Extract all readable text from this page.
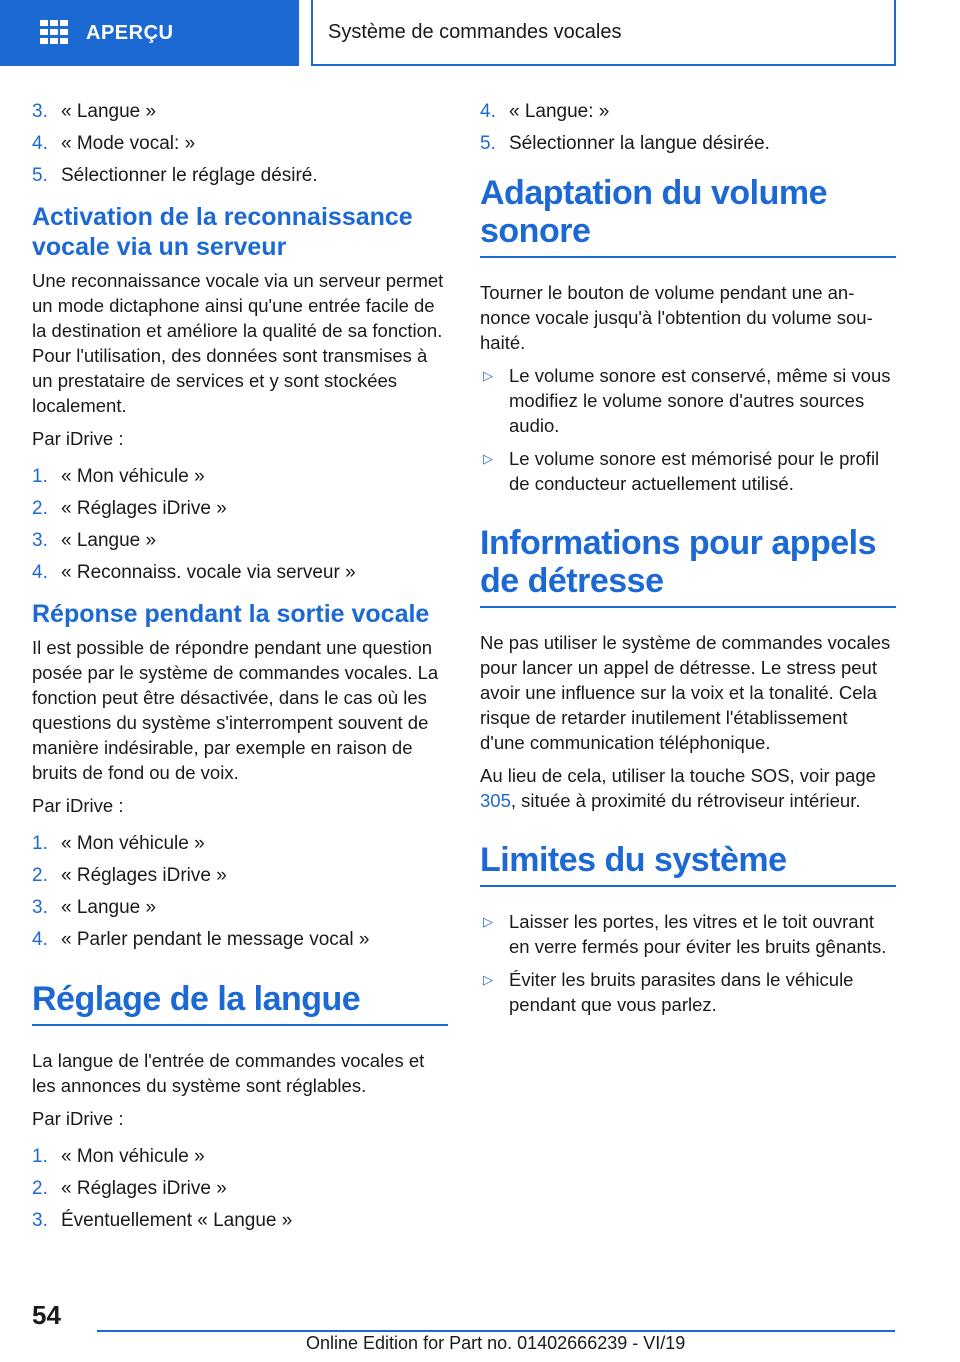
APERÇU	Système de commandes vocales
3. « Langue »
4. « Mode vocal: »
5. Sélectionner le réglage désiré.
Activation de la reconnaissance vocale via un serveur

Une reconnaissance vocale via un serveur permet un mode dictaphone ainsi qu'une entrée facile de la destination et améliore la qualité de sa fonction. Pour l'utilisation, des données sont transmises à un prestataire de services et y sont stockées localement.

Par iDrive :

1. « Mon véhicule »
2. « Réglages iDrive »
3. « Langue »
4. « Reconnaiss. vocale via serveur »
Réponse pendant la sortie vocale

Il est possible de répondre pendant une question posée par le système de commandes vocales. La fonction peut être désactivée, dans le cas où les questions du système s'interrompent souvent de manière indésirable, par exemple en raison de bruits de fond ou de voix.

Par iDrive :

1. « Mon véhicule »
2. « Réglages iDrive »
3. « Langue »
4. « Parler pendant le message vocal »
Réglage de la langue

La langue de l'entrée de commandes vocales et les annonces du système sont réglables.

Par iDrive :

1. « Mon véhicule »
2. « Réglages iDrive »
3. Éventuellement « Langue »
4. « Langue: »
5. Sélectionner la langue désirée.
Adaptation du volume sonore

Tourner le bouton de volume pendant une annonce vocale jusqu'à l'obtention du volume souhaité.

▷ Le volume sonore est conservé, même si vous modifiez le volume sonore d'autres sources audio.
▷ Le volume sonore est mémorisé pour le profil de conducteur actuellement utilisé.
Informations pour appels de détresse

Ne pas utiliser le système de commandes vocales pour lancer un appel de détresse. Le stress peut avoir une influence sur la voix et la tonalité. Cela risque de retarder inutilement l'établissement d'une communication téléphonique.

Au lieu de cela, utiliser la touche SOS, voir page 305, située à proximité du rétroviseur intérieur.

Limites du système
▷ Laisser les portes, les vitres et le toit ouvrant en verre fermés pour éviter les bruits gênants.
▷ Éviter les bruits parasites dans le véhicule pendant que vous parlez.
54
Online Edition for Part no. 01402666239 - VI/19
